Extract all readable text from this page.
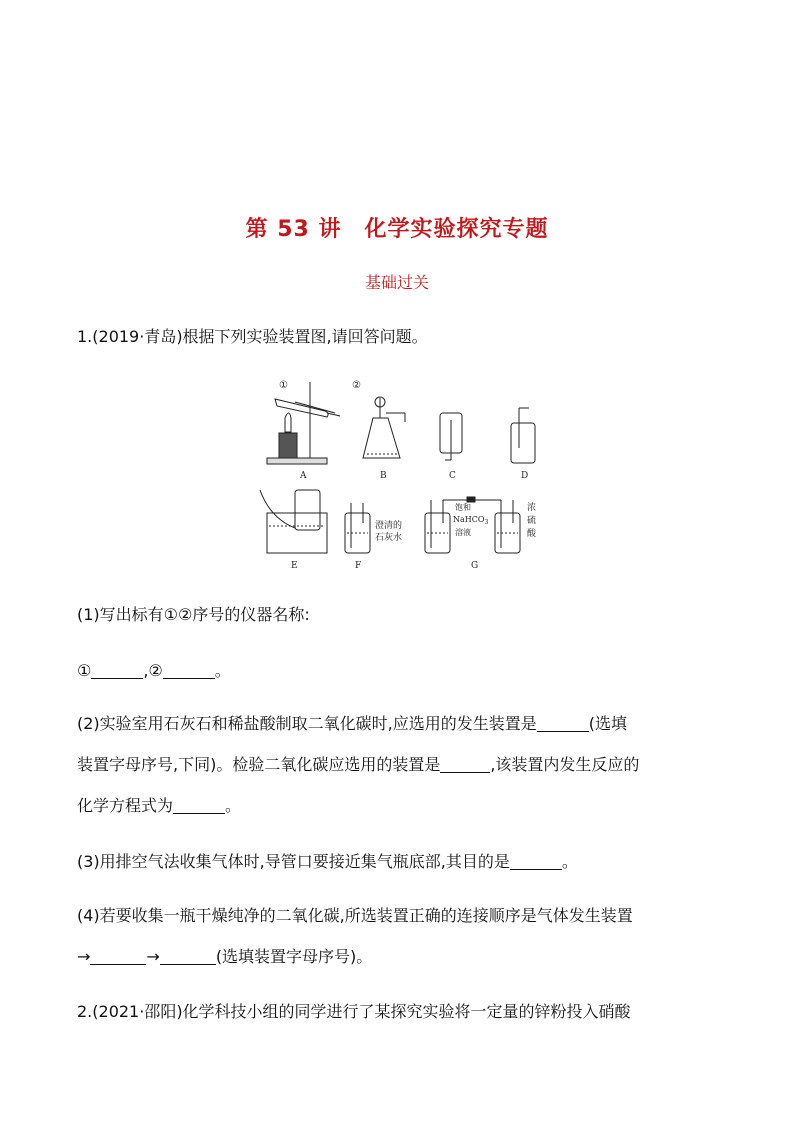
第 53 讲　化学实验探究专题
基础过关
1.(2019·青岛)根据下列实验装置图,请回答问题。
A	B	C	D
E	F	G
①	②
澄清的
石灰水
饱和
NaHCO$_3$
溶液
浓
硫
酸
(1)写出标有①②序号的仪器名称:
①	,②	。
(2)实验室用石灰石和稀盐酸制取二氧化碳时,应选用的发生装置是	(选填
装置字母序号,下同)。检验二氧化碳应选用的装置是	,该装置内发生反应的
化学方程式为	。
(3)用排空气法收集气体时,导管口要接近集气瓶底部,其目的是	。
(4)若要收集一瓶干燥纯净的二氧化碳,所选装置正确的连接顺序是气体发生装置
→	→	(选填装置字母序号)。
2.(2021·邵阳)化学科技小组的同学进行了某探究实验将一定量的锌粉投入硝酸
